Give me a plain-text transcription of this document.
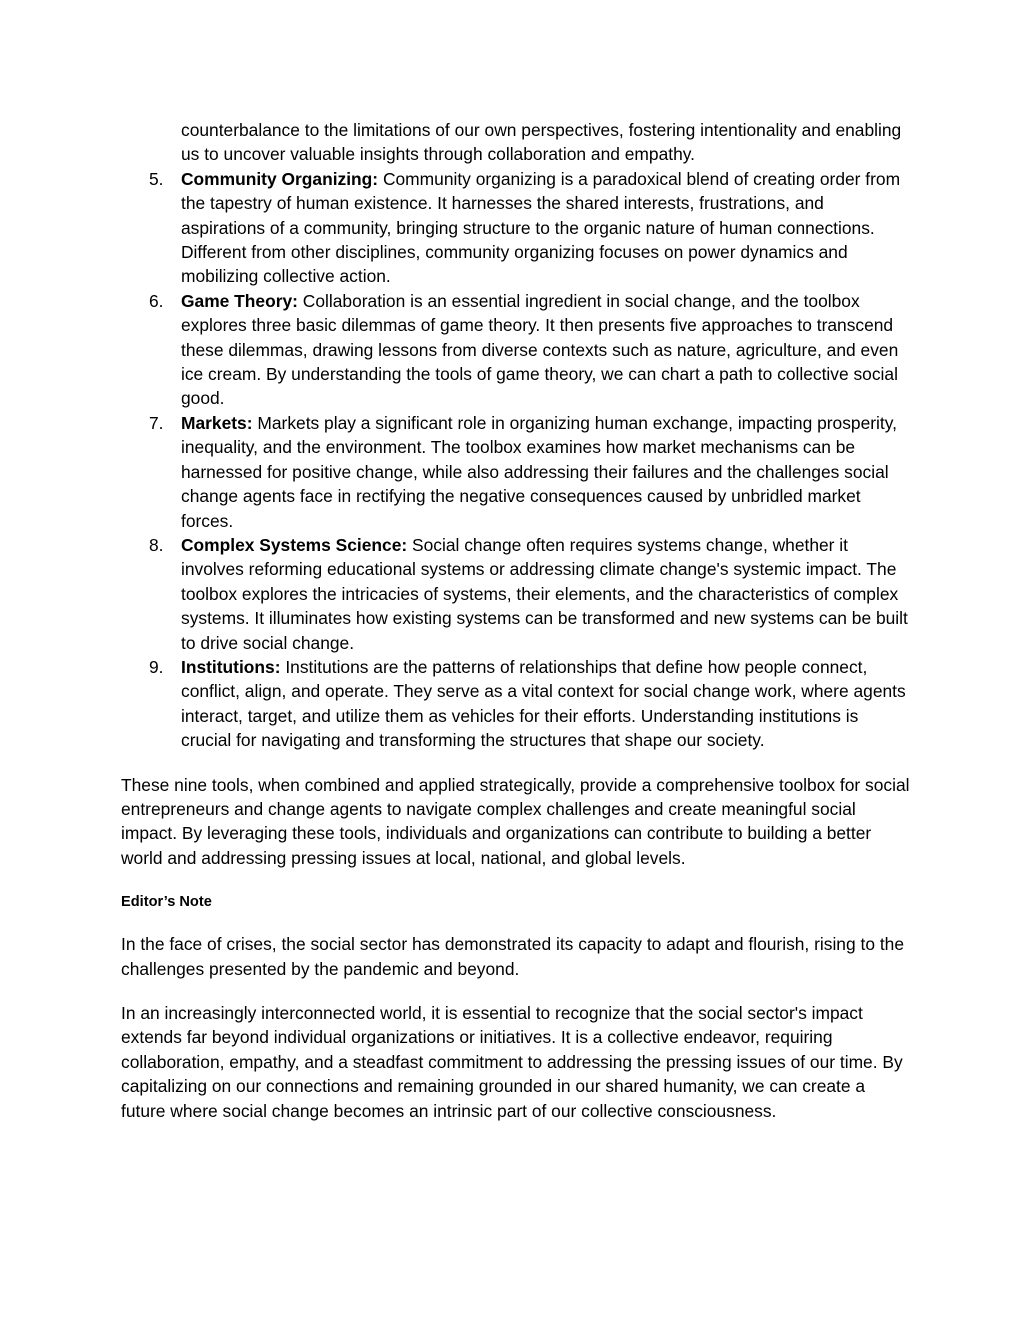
counterbalance to the limitations of our own perspectives, fostering intentionality and enabling us to uncover valuable insights through collaboration and empathy.

5. Community Organizing: Community organizing is a paradoxical blend of creating order from the tapestry of human existence. It harnesses the shared interests, frustrations, and aspirations of a community, bringing structure to the organic nature of human connections. Different from other disciplines, community organizing focuses on power dynamics and mobilizing collective action.
6. Game Theory: Collaboration is an essential ingredient in social change, and the toolbox explores three basic dilemmas of game theory. It then presents five approaches to transcend these dilemmas, drawing lessons from diverse contexts such as nature, agriculture, and even ice cream. By understanding the tools of game theory, we can chart a path to collective social good.
7. Markets: Markets play a significant role in organizing human exchange, impacting prosperity, inequality, and the environment. The toolbox examines how market mechanisms can be harnessed for positive change, while also addressing their failures and the challenges social change agents face in rectifying the negative consequences caused by unbridled market forces.
8. Complex Systems Science: Social change often requires systems change, whether it involves reforming educational systems or addressing climate change's systemic impact. The toolbox explores the intricacies of systems, their elements, and the characteristics of complex systems. It illuminates how existing systems can be transformed and new systems can be built to drive social change.
9. Institutions: Institutions are the patterns of relationships that define how people connect, conflict, align, and operate. They serve as a vital context for social change work, where agents interact, target, and utilize them as vehicles for their efforts. Understanding institutions is crucial for navigating and transforming the structures that shape our society.

These nine tools, when combined and applied strategically, provide a comprehensive toolbox for social entrepreneurs and change agents to navigate complex challenges and create meaningful social impact. By leveraging these tools, individuals and organizations can contribute to building a better world and addressing pressing issues at local, national, and global levels.

Editor’s Note

In the face of crises, the social sector has demonstrated its capacity to adapt and flourish, rising to the challenges presented by the pandemic and beyond.

In an increasingly interconnected world, it is essential to recognize that the social sector's impact extends far beyond individual organizations or initiatives. It is a collective endeavor, requiring collaboration, empathy, and a steadfast commitment to addressing the pressing issues of our time. By capitalizing on our connections and remaining grounded in our shared humanity, we can create a future where social change becomes an intrinsic part of our collective consciousness.
